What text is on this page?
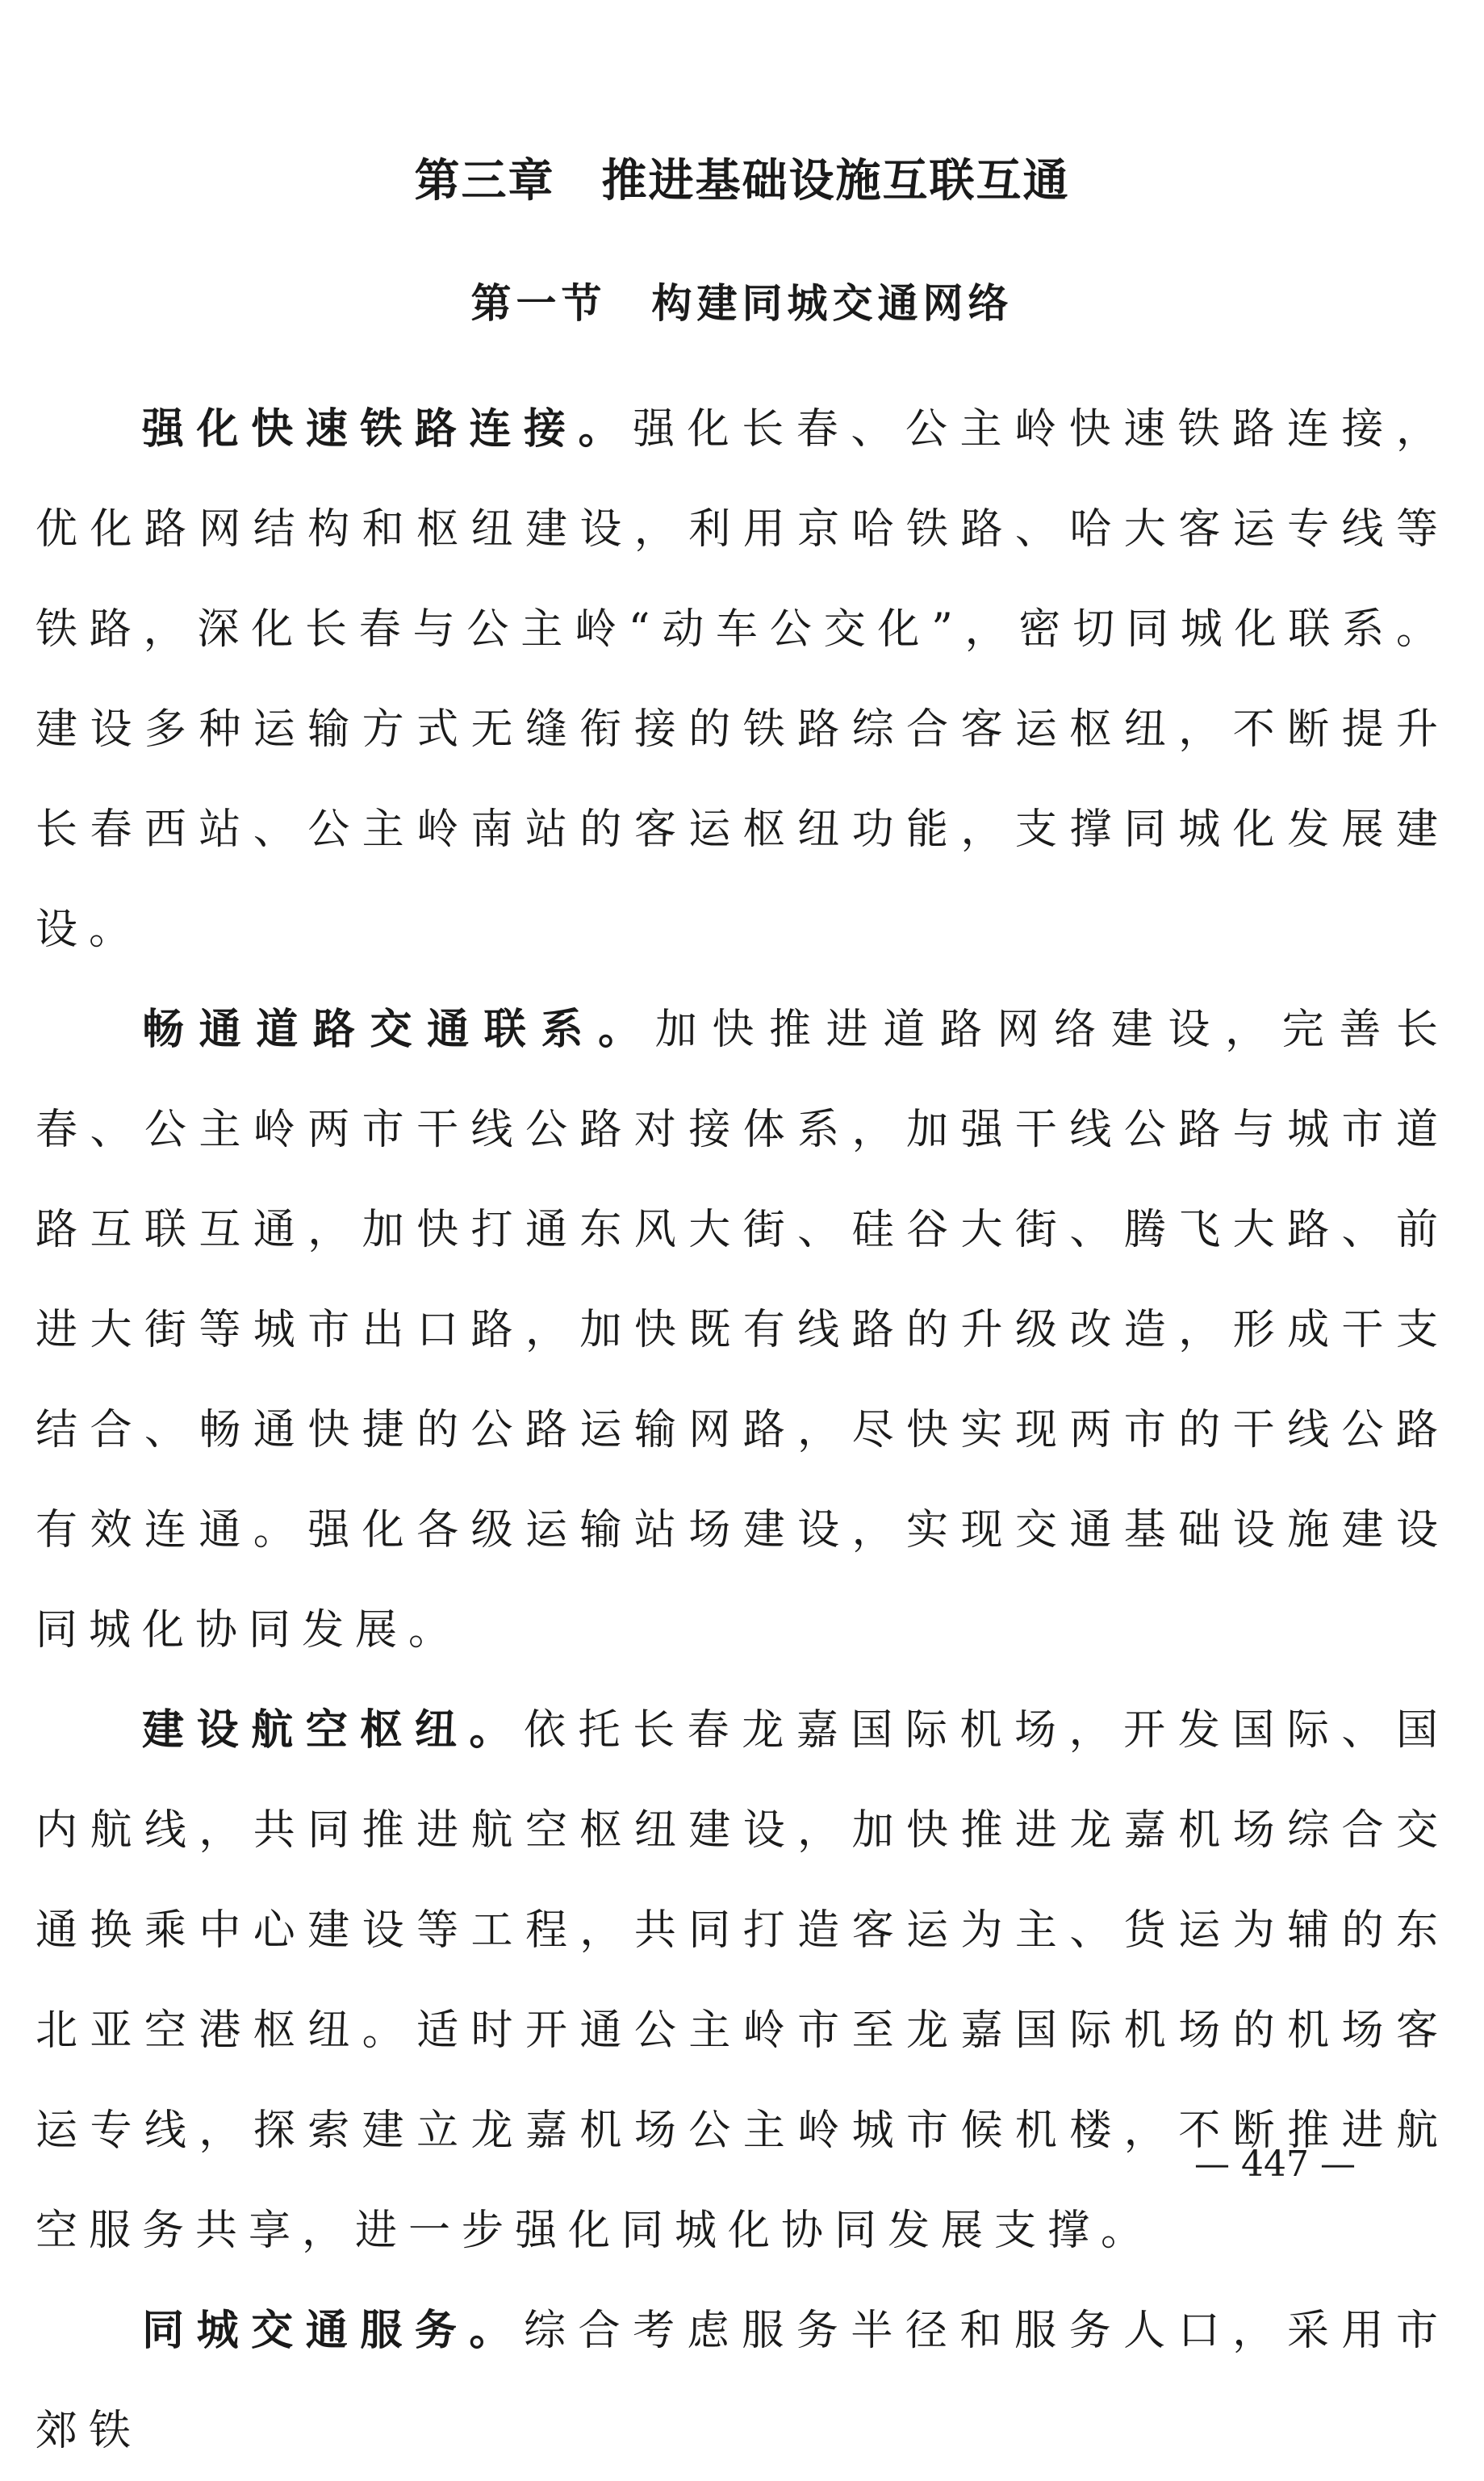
第三章　推进基础设施互联互通
第一节　构建同城交通网络

强化快速铁路连接。强化长春、公主岭快速铁路连接，优化路网结构和枢纽建设，利用京哈铁路、哈大客运专线等铁路，深化长春与公主岭“动车公交化”，密切同城化联系。建设多种运输方式无缝衔接的铁路综合客运枢纽，不断提升长春西站、公主岭南站的客运枢纽功能，支撑同城化发展建设。

畅通道路交通联系。加快推进道路网络建设，完善长春、公主岭两市干线公路对接体系，加强干线公路与城市道路互联互通，加快打通东风大街、硅谷大街、腾飞大路、前进大街等城市出口路，加快既有线路的升级改造，形成干支结合、畅通快捷的公路运输网路，尽快实现两市的干线公路有效连通。强化各级运输站场建设，实现交通基础设施建设同城化协同发展。

建设航空枢纽。依托长春龙嘉国际机场，开发国际、国内航线，共同推进航空枢纽建设，加快推进龙嘉机场综合交通换乘中心建设等工程，共同打造客运为主、货运为辅的东北亚空港枢纽。适时开通公主岭市至龙嘉国际机场的机场客运专线，探索建立龙嘉机场公主岭城市候机楼，不断推进航空服务共享，进一步强化同城化协同发展支撑。

同城交通服务。综合考虑服务半径和服务人口，采用市郊铁

— 447 —
